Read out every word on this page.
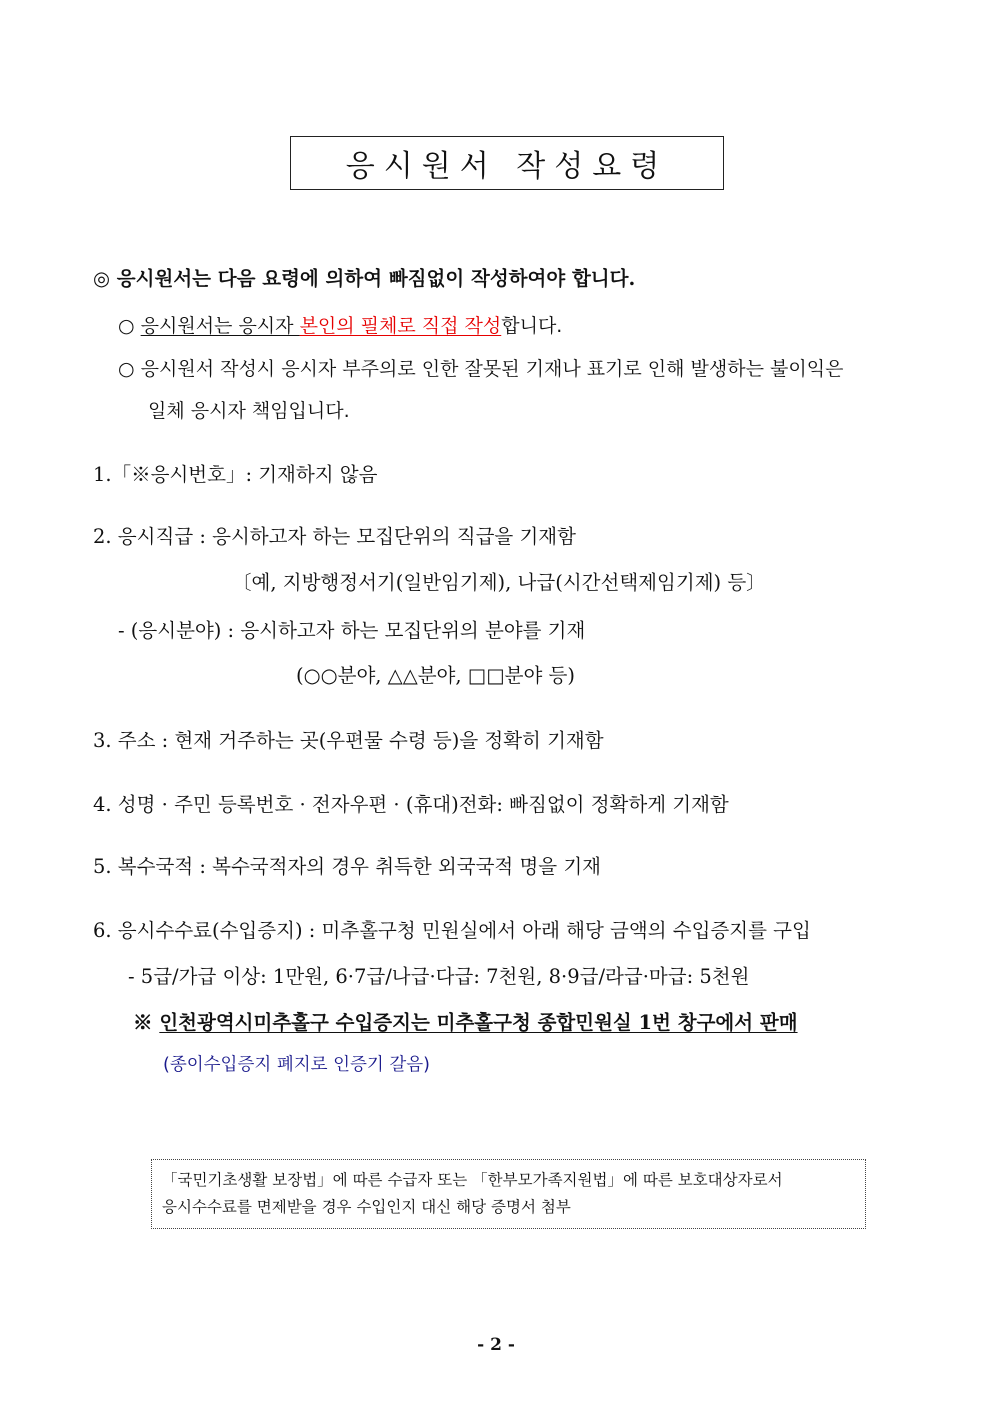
응시원서 작성요령
◎ 응시원서는 다음 요령에 의하여 빠짐없이 작성하여야 합니다.
○ 응시원서는 응시자 본인의 필체로 직접 작성합니다.
○ 응시원서 작성시 응시자 부주의로 인한 잘못된 기재나 표기로 인해 발생하는 불이익은
일체 응시자 책임입니다.
1.「※응시번호」: 기재하지 않음
2. 응시직급 : 응시하고자 하는 모집단위의 직급을 기재함
〔예, 지방행정서기(일반임기제), 나급(시간선택제임기제) 등〕
- (응시분야) : 응시하고자 하는 모집단위의 분야를 기재
(○○분야, △△분야, □□분야 등)
3. 주소 : 현재 거주하는 곳(우편물 수령 등)을 정확히 기재함
4. 성명 · 주민 등록번호 · 전자우편 · (휴대)전화: 빠짐없이 정확하게 기재함
5. 복수국적 : 복수국적자의 경우 취득한 외국국적 명을 기재
6. 응시수수료(수입증지) : 미추홀구청 민원실에서 아래 해당 금액의 수입증지를 구입
- 5급/가급 이상: 1만원, 6·7급/나급·다급: 7천원, 8·9급/라급·마급: 5천원
※ 인천광역시미추홀구 수입증지는 미추홀구청 종합민원실 1번 창구에서 판매
(종이수입증지 폐지로 인증기 갈음)
「국민기초생활 보장법」에 따른 수급자 또는 「한부모가족지원법」에 따른 보호대상자로서
응시수수료를 면제받을 경우 수입인지 대신 해당 증명서 첨부
- 2 -
